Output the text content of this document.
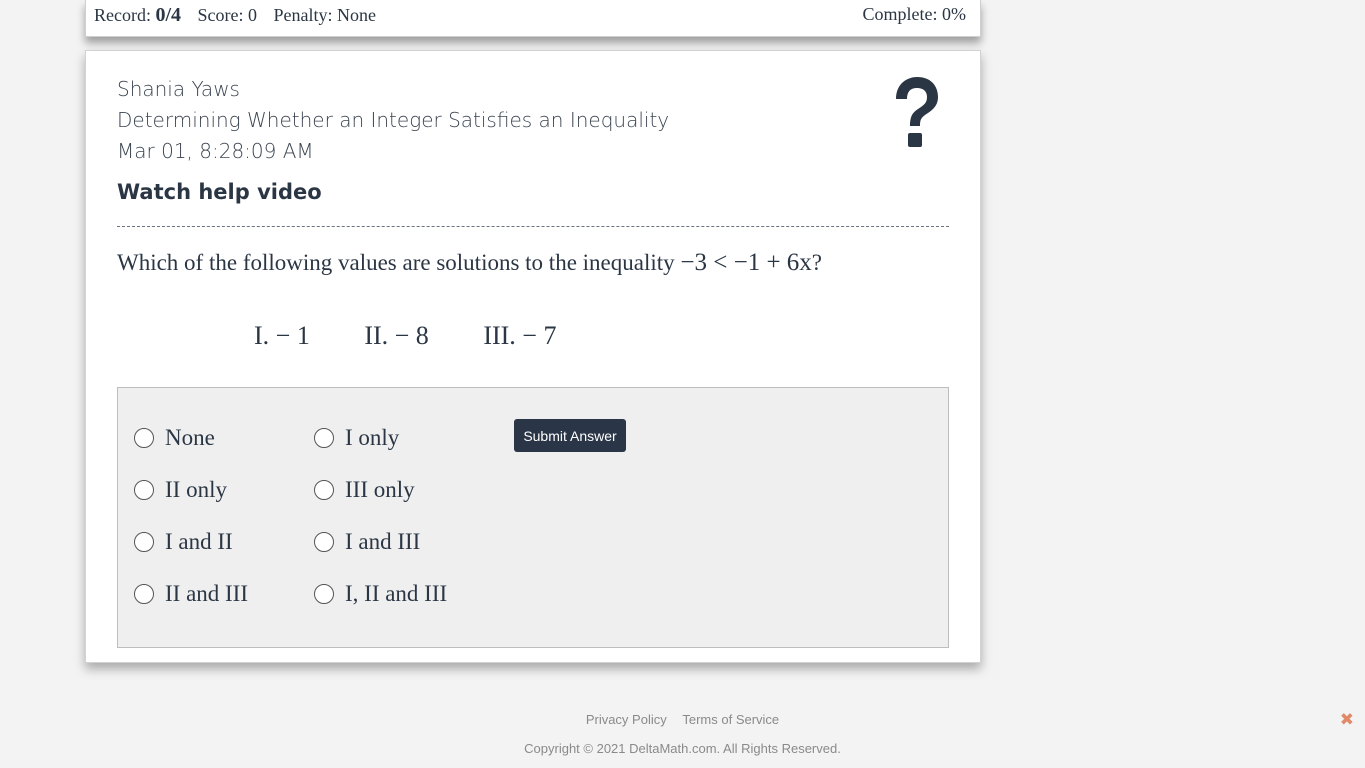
Record: 0/4 Score: 0 Penalty: None	Complete: 0%
Shania Yaws
Determining Whether an Integer Satisfies an Inequality
Mar 01, 8:28:09 AM
Watch help video
Which of the following values are solutions to the inequality −3 < −1 + 6x?
I. − 1 II. − 8 III. − 7
None	I only
II only	III only
I and II	I and III
II and III	I, II and III
Submit Answer
Privacy Policy Terms of Service
Copyright © 2021 DeltaMath.com. All Rights Reserved.
✖
